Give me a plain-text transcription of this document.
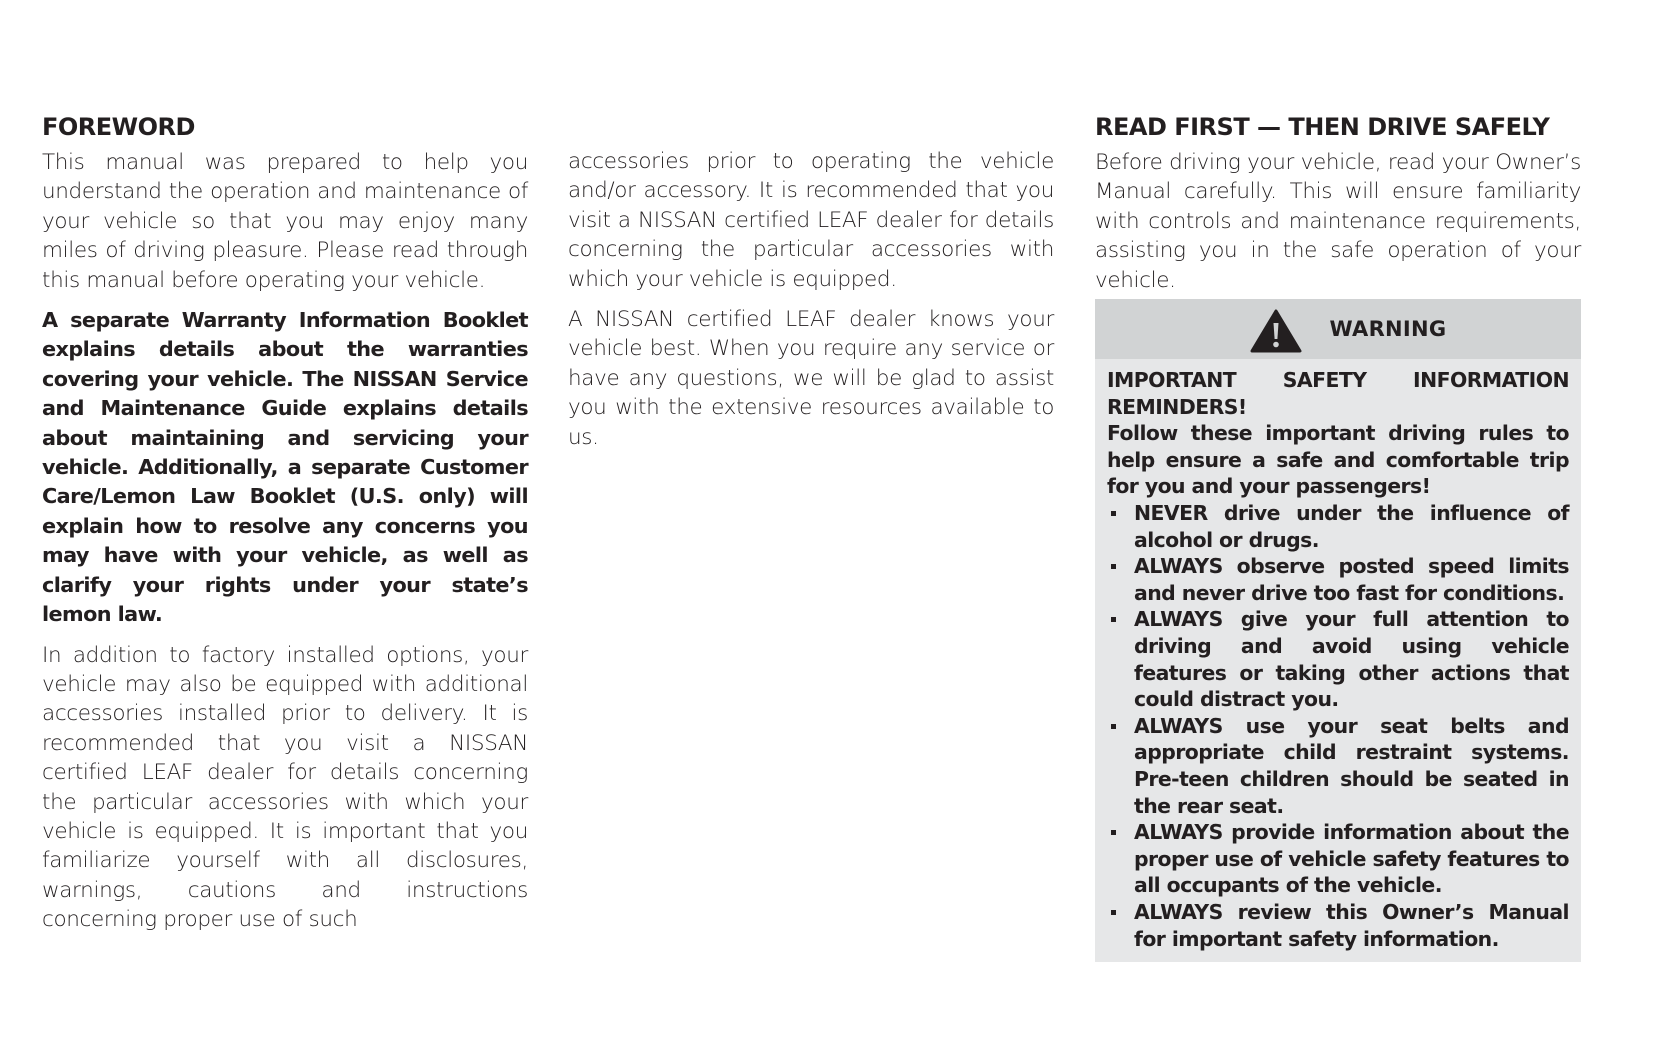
FOREWORD

This manual was prepared to help you understand the operation and maintenance of your vehicle so that you may enjoy many miles of driving pleasure. Please read through this manual before operating your vehicle.

A separate Warranty Information Booklet explains details about the warranties covering your vehicle. The NISSAN Service and Maintenance Guide explains details about maintaining and servicing your vehicle. Additionally, a separate Customer Care/Lemon Law Booklet (U.S. only) will explain how to resolve any concerns you may have with your vehicle, as well as clarify your rights under your state’s lemon law.

In addition to factory installed options, your vehicle may also be equipped with additional accessories installed prior to delivery. It is recommended that you visit a NISSAN certified LEAF dealer for details concerning the particular accessories with which your vehicle is equipped. It is important that you familiarize yourself with all disclosures, warnings, cautions and instructions concerning proper use of such

accessories prior to operating the vehicle and/or accessory. It is recommended that you visit a NISSAN certified LEAF dealer for details concerning the particular accessories with which your vehicle is equipped.

A NISSAN certified LEAF dealer knows your vehicle best. When you require any service or have any questions, we will be glad to assist you with the extensive resources available to us.

READ FIRST — THEN DRIVE SAFELY

Before driving your vehicle, read your Owner’s Manual carefully. This will ensure familiarity with controls and maintenance requirements, assisting you in the safe operation of your vehicle.

WARNING

IMPORTANT SAFETY INFORMATION REMINDERS!

Follow these important driving rules to help ensure a safe and comfortable trip for you and your passengers!

NEVER drive under the influence of alcohol or drugs.
ALWAYS observe posted speed limits and never drive too fast for conditions.
ALWAYS give your full attention to driving and avoid using vehicle features or taking other actions that could distract you.
ALWAYS use your seat belts and appropriate child restraint systems. Pre-teen children should be seated in the rear seat.
ALWAYS provide information about the proper use of vehicle safety features to all occupants of the vehicle.
ALWAYS review this Owner’s Manual for important safety information.
